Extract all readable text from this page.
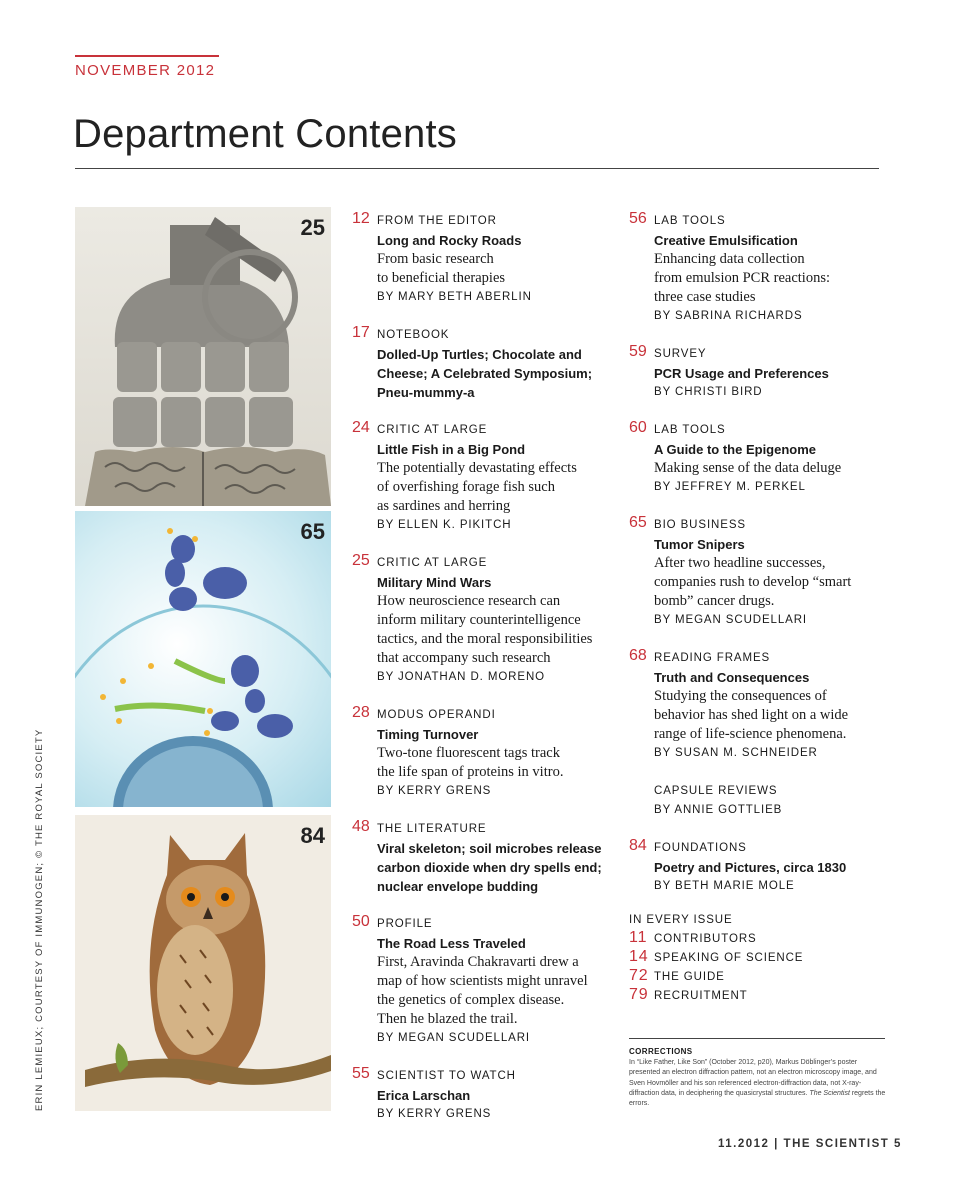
NOVEMBER 2012
Department Contents
25
65
84
ERIN LEMIEUX; COURTESY OF IMMUNOGEN; © THE ROYAL SOCIETY
12 FROM THE EDITOR
Long and Rocky Roads
From basic research
to beneficial therapies
BY MARY BETH ABERLIN
17 NOTEBOOK
Dolled-Up Turtles; Chocolate and
Cheese; A Celebrated Symposium;
Pneu-mummy-a
24 CRITIC AT LARGE
Little Fish in a Big Pond
The potentially devastating effects
of overfishing forage fish such
as sardines and herring
BY ELLEN K. PIKITCH
25 CRITIC AT LARGE
Military Mind Wars
How neuroscience research can
inform military counterintelligence
tactics, and the moral responsibilities
that accompany such research
BY JONATHAN D. MORENO
28 MODUS OPERANDI
Timing Turnover
Two-tone fluorescent tags track
the life span of proteins in vitro.
BY KERRY GRENS
48 THE LITERATURE
Viral skeleton; soil microbes release
carbon dioxide when dry spells end;
nuclear envelope budding
50 PROFILE
The Road Less Traveled
First, Aravinda Chakravarti drew a
map of how scientists might unravel
the genetics of complex disease.
Then he blazed the trail.
BY MEGAN SCUDELLARI
55 SCIENTIST TO WATCH
Erica Larschan
BY KERRY GRENS
56 LAB TOOLS
Creative Emulsification
Enhancing data collection
from emulsion PCR reactions:
three case studies
BY SABRINA RICHARDS
59 SURVEY
PCR Usage and Preferences
BY CHRISTI BIRD
60 LAB TOOLS
A Guide to the Epigenome
Making sense of the data deluge
BY JEFFREY M. PERKEL
65 BIO BUSINESS
Tumor Snipers
After two headline successes,
companies rush to develop “smart
bomb” cancer drugs.
BY MEGAN SCUDELLARI
68 READING FRAMES
Truth and Consequences
Studying the consequences of
behavior has shed light on a wide
range of life-science phenomena.
BY SUSAN M. SCHNEIDER
CAPSULE REVIEWS
BY ANNIE GOTTLIEB
84 FOUNDATIONS
Poetry and Pictures, circa 1830
BY BETH MARIE MOLE
IN EVERY ISSUE
11 CONTRIBUTORS
14 SPEAKING OF SCIENCE
72 THE GUIDE
79 RECRUITMENT
CORRECTIONS
In “Like Father, Like Son” (October 2012, p20), Markus Döblinger’s poster presented an electron diffraction pattern, not an electron microscopy image, and Sven Hovmöller and his son referenced electron-diffraction data, not X-ray-diffraction data, in deciphering the quasicrystal structures. The Scientist regrets the errors.
11.2012 | THE SCIENTIST 5
